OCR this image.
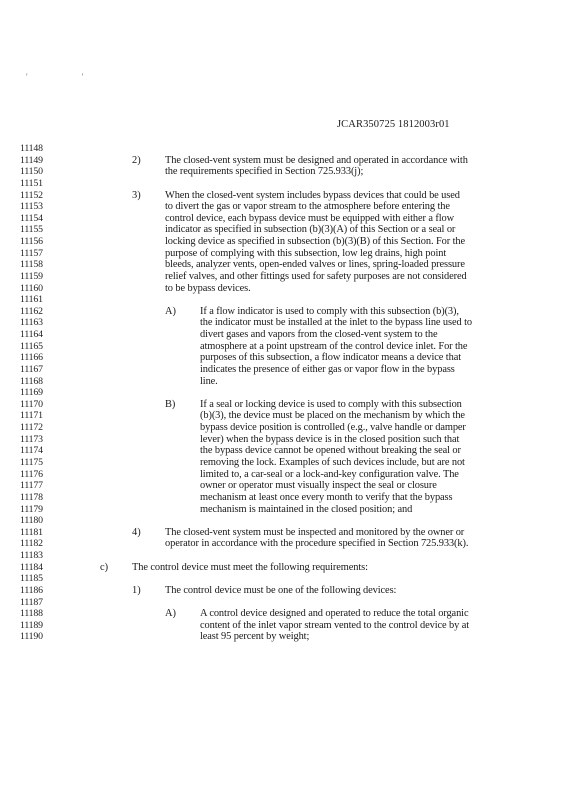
' '
JCAR350725 1812003r01
11148
11149
11150
11151
11152
11153
11154
11155
11156
11157
11158
11159
11160
11161
11162
11163
11164
11165
11166
11167
11168
11169
11170
11171
11172
11173
11174
11175
11176
11177
11178
11179
11180
11181
11182
11183
11184
11185
11186
11187
11188
11189
11190
2) The closed-vent system must be designed and operated in accordance with
the requirements specified in Section 725.933(j);
3) When the closed-vent system includes bypass devices that could be used
to divert the gas or vapor stream to the atmosphere before entering the
control device, each bypass device must be equipped with either a flow
indicator as specified in subsection (b)(3)(A) of this Section or a seal or
locking device as specified in subsection (b)(3)(B) of this Section. For the
purpose of complying with this subsection, low leg drains, high point
bleeds, analyzer vents, open-ended valves or lines, spring-loaded pressure
relief valves, and other fittings used for safety purposes are not considered
to be bypass devices.
A) If a flow indicator is used to comply with this subsection (b)(3),
the indicator must be installed at the inlet to the bypass line used to
divert gases and vapors from the closed-vent system to the
atmosphere at a point upstream of the control device inlet. For the
purposes of this subsection, a flow indicator means a device that
indicates the presence of either gas or vapor flow in the bypass
line.
B) If a seal or locking device is used to comply with this subsection
(b)(3), the device must be placed on the mechanism by which the
bypass device position is controlled (e.g., valve handle or damper
lever) when the bypass device is in the closed position such that
the bypass device cannot be opened without breaking the seal or
removing the lock. Examples of such devices include, but are not
limited to, a car-seal or a lock-and-key configuration valve. The
owner or operator must visually inspect the seal or closure
mechanism at least once every month to verify that the bypass
mechanism is maintained in the closed position; and
4) The closed-vent system must be inspected and monitored by the owner or
operator in accordance with the procedure specified in Section 725.933(k).
c) The control device must meet the following requirements:
1) The control device must be one of the following devices:
A) A control device designed and operated to reduce the total organic
content of the inlet vapor stream vented to the control device by at
least 95 percent by weight;
